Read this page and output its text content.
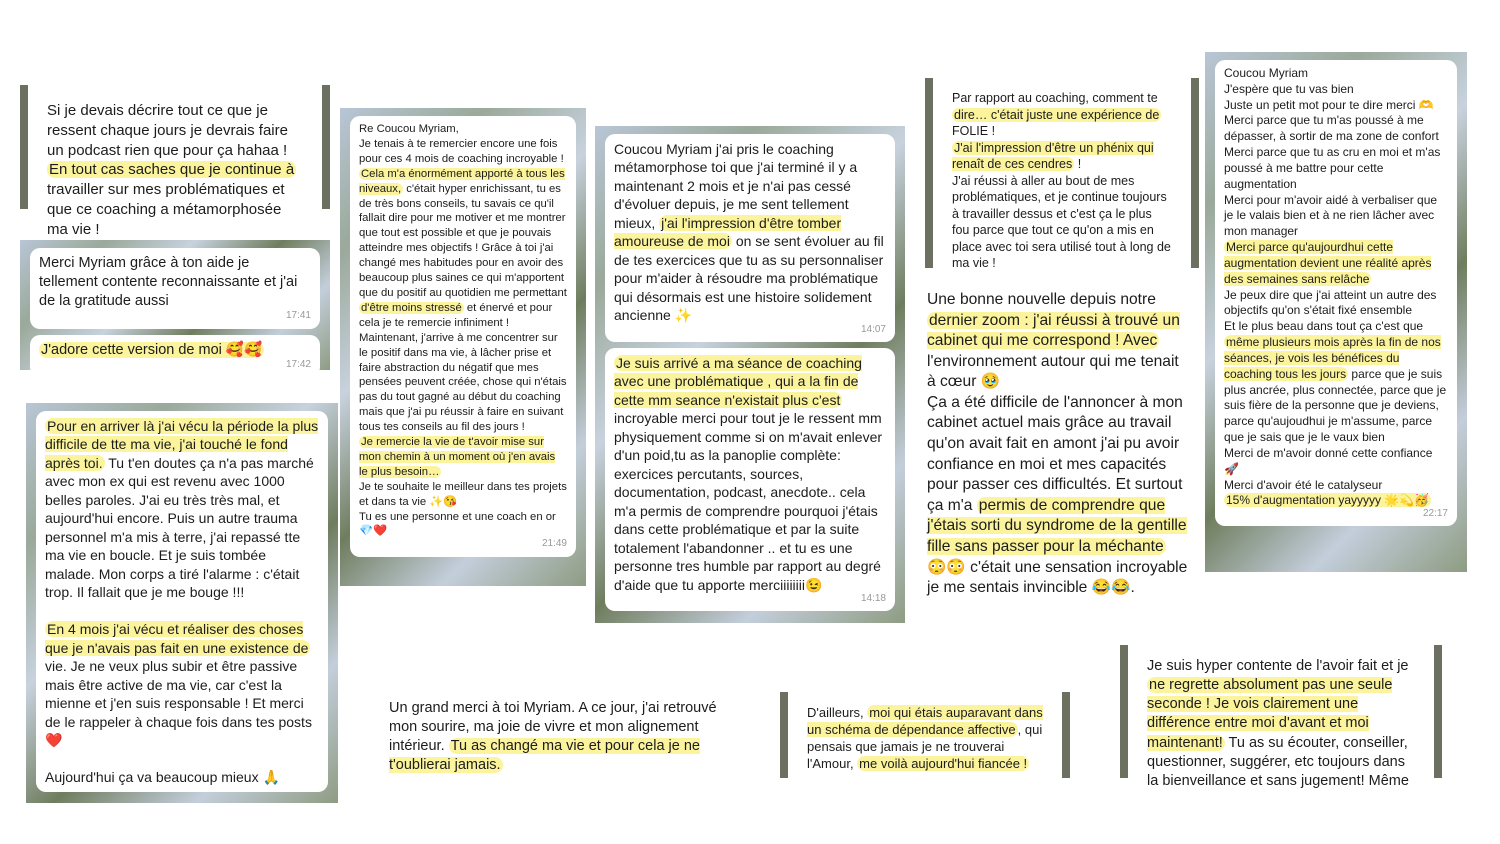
Si je devais décrire tout ce que je ressent chaque jours je devrais faire un podcast rien que pour ça hahaa ! En tout cas saches que je continue à travailler sur mes problématiques et que ce coaching a métamorphosée ma vie !
Merci Myriam grâce à ton aide je tellement contente reconnaissante et j'ai de la gratitude aussi
17:41
J'adore cette version de moi 🥰🥰
17:42
Pour en arriver là j'ai vécu la période la plus difficile de tte ma vie, j'ai touché le fond après toi. Tu t'en doutes ça n'a pas marché avec mon ex qui est revenu avec 1000 belles paroles. J'ai eu très très mal, et aujourd'hui encore. Puis un autre trauma personnel m'a mis à terre, j'ai repassé tte ma vie en boucle. Et je suis tombée malade. Mon corps a tiré l'alarme : c'était trop. Il fallait que je me bouge !!!

En 4 mois j'ai vécu et réaliser des choses que je n'avais pas fait en une existence de vie. Je ne veux plus subir et être passive mais être active de ma vie, car c'est la mienne et j'en suis responsable ! Et merci de le rappeler à chaque fois dans tes posts ❤️

Aujourd'hui ça va beaucoup mieux 🙏
Re Coucou Myriam,
Je tenais à te remercier encore une fois pour ces 4 mois de coaching incroyable ! Cela m'a énormément apporté à tous les niveaux, c'était hyper enrichissant, tu es de très bons conseils, tu savais ce qu'il fallait dire pour me motiver et me montrer que tout est possible et que je pouvais atteindre mes objectifs ! Grâce à toi j'ai changé mes habitudes pour en avoir des beaucoup plus saines ce qui m'apportent que du positif au quotidien me permettant d'être moins stressé et énervé et pour cela je te remercie infiniment ! Maintenant, j'arrive à me concentrer sur le positif dans ma vie, à lâcher prise et faire abstraction du négatif que mes pensées peuvent créée, chose qui n'étais pas du tout gagné au début du coaching mais que j'ai pu réussir à faire en suivant tous tes conseils au fil des jours !
Je remercie la vie de t'avoir mise sur mon chemin à un moment où j'en avais le plus besoin…
Je te souhaite le meilleur dans tes projets et dans ta vie ✨😘
Tu es une personne et une coach en or 💎❤️
21:49
Coucou Myriam j'ai pris le coaching métamorphose toi que j'ai terminé il y a maintenant 2 mois et je n'ai pas cessé d'évoluer depuis, je me sent tellement mieux, j'ai l'impression d'être tomber amoureuse de moi on se sent évoluer au fil de tes exercices que tu as su personnaliser pour m'aider à résoudre ma problématique qui désormais est une histoire solidement ancienne ✨
14:07
Je suis arrivé a ma séance de coaching avec une problématique , qui a la fin de cette mm seance n'existait plus c'est incroyable merci pour tout je le ressent mm physiquement comme si on m'avait enlever d'un poid,tu as la panoplie complète: exercices percutants, sources, documentation, podcast, anecdote.. cela m'a permis de comprendre pourquoi j'étais dans cette problématique et par la suite totalement l'abandonner .. et tu es une personne tres humble par rapport au degré d'aide que tu apporte merciiiiiiii😉
14:18
Par rapport au coaching, comment te dire… c'était juste une expérience de FOLIE !
J'ai l'impression d'être un phénix qui renaît de ces cendres !
J'ai réussi à aller au bout de mes problématiques, et je continue toujours à travailler dessus et c'est ça le plus fou parce que tout ce qu'on a mis en place avec toi sera utilisé tout à long de ma vie !
Une bonne nouvelle depuis notre dernier zoom : j'ai réussi à trouvé un cabinet qui me correspond ! Avec l'environnement autour qui me tenait à cœur 🥹
Ça a été difficile de l'annoncer à mon cabinet actuel mais grâce au travail qu'on avait fait en amont j'ai pu avoir confiance en moi et mes capacités pour passer ces difficultés. Et surtout ça m'a permis de comprendre que j'étais sorti du syndrome de la gentille fille sans passer pour la méchante 😳😳 c'était une sensation incroyable je me sentais invincible 😂😂.
Coucou Myriam
J'espère que tu vas bien
Juste un petit mot pour te dire merci 🫶
Merci parce que tu m'as poussé à me dépasser, à sortir de ma zone de confort
Merci parce que tu as cru en moi et m'as poussé à me battre pour cette augmentation
Merci pour m'avoir aidé à verbaliser que je le valais bien et à ne rien lâcher avec mon manager
Merci parce qu'aujourdhui cette augmentation devient une réalité après des semaines sans relâche
Je peux dire que j'ai atteint un autre des objectifs qu'on s'était fixé ensemble
Et le plus beau dans tout ça c'est que même plusieurs mois après la fin de nos séances, je vois les bénéfices du coaching tous les jours parce que je suis plus ancrée, plus connectée, parce que je suis fière de la personne que je deviens, parce qu'aujoudhui je m'assume, parce que je sais que je le vaux bien
Merci de m'avoir donné cette confiance 🚀
Merci d'avoir été le catalyseur
15% d'augmentation yayyyyy 🌟💫🥳
22:17
Un grand merci à toi Myriam. A ce jour, j'ai retrouvé mon sourire, ma joie de vivre et mon alignement intérieur. Tu as changé ma vie et pour cela je ne t'oublierai jamais.
D'ailleurs, moi qui étais auparavant dans un schéma de dépendance affective , qui pensais que jamais je ne trouverai l'Amour, me voilà aujourd'hui fiancée !
Je suis hyper contente de l'avoir fait et je ne regrette absolument pas une seule seconde ! Je vois clairement une différence entre moi d'avant et moi maintenant! Tu as su écouter, conseiller, questionner, suggérer, etc toujours dans la bienveillance et sans jugement! Même
